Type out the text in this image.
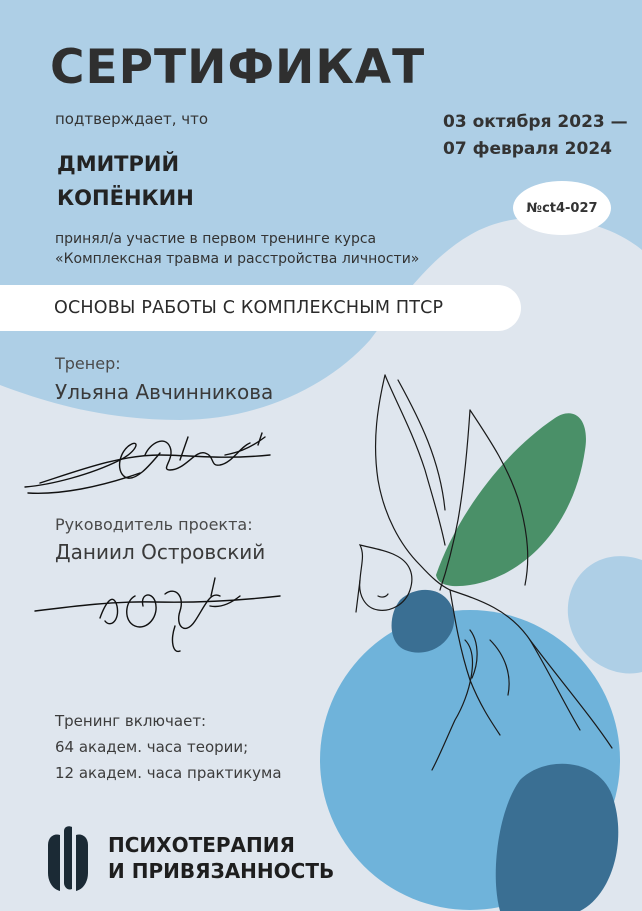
СЕРТИФИКАТ
подтверждает, что	03 октября 2023 —
07 февраля 2024
ДМИТРИЙ
КОПЁНКИН	№ct4-027
принял/а участие в первом тренинге курса
«Комплексная травма и расстройства личности»
ОСНОВЫ РАБОТЫ С КОМПЛЕКСНЫМ ПТСР
Тренер:
Ульяна Авчинникова
Руководитель проекта:
Даниил Островский
Тренинг включает:
64 академ. часа теории;
12 академ. часа практикума
ПСИХОТЕРАПИЯ
И ПРИВЯЗАННОСТЬ
